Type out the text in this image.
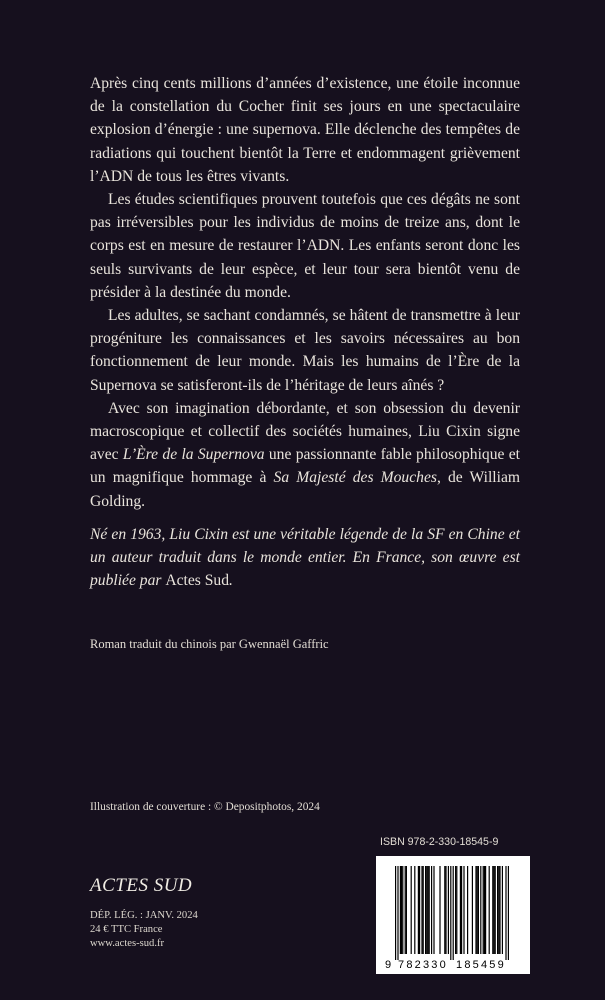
Après cinq cents millions d’années d’existence, une étoile inconnue de la constellation du Cocher finit ses jours en une spectaculaire explosion d’énergie : une supernova. Elle déclenche des tempêtes de radiations qui touchent bientôt la Terre et endommagent grièvement l’ADN de tous les êtres vivants.

Les études scientifiques prouvent toutefois que ces dégâts ne sont pas irréversibles pour les individus de moins de treize ans, dont le corps est en mesure de restaurer l’ADN. Les enfants seront donc les seuls survivants de leur espèce, et leur tour sera bientôt venu de présider à la destinée du monde.

Les adultes, se sachant condamnés, se hâtent de transmettre à leur progéniture les connaissances et les savoirs nécessaires au bon fonctionnement de leur monde. Mais les humains de l’Ère de la Supernova se satisferont-ils de l’héritage de leurs aînés ?

Avec son imagination débordante, et son obsession du devenir macroscopique et collectif des sociétés humaines, Liu Cixin signe avec L’Ère de la Supernova une passionnante fable philosophique et un magnifique hommage à Sa Majesté des Mouches, de William Golding.

Né en 1963, Liu Cixin est une véritable légende de la SF en Chine et un auteur traduit dans le monde entier. En France, son œuvre est publiée par Actes Sud.
Roman traduit du chinois par Gwennaël Gaffric
Illustration de couverture : © Depositphotos, 2024
ISBN 978-2-330-18545-9
ACTES SUD
DÉP. LÉG. : JANV. 2024
24 € TTC France
www.actes-sud.fr
9 782330 185459
